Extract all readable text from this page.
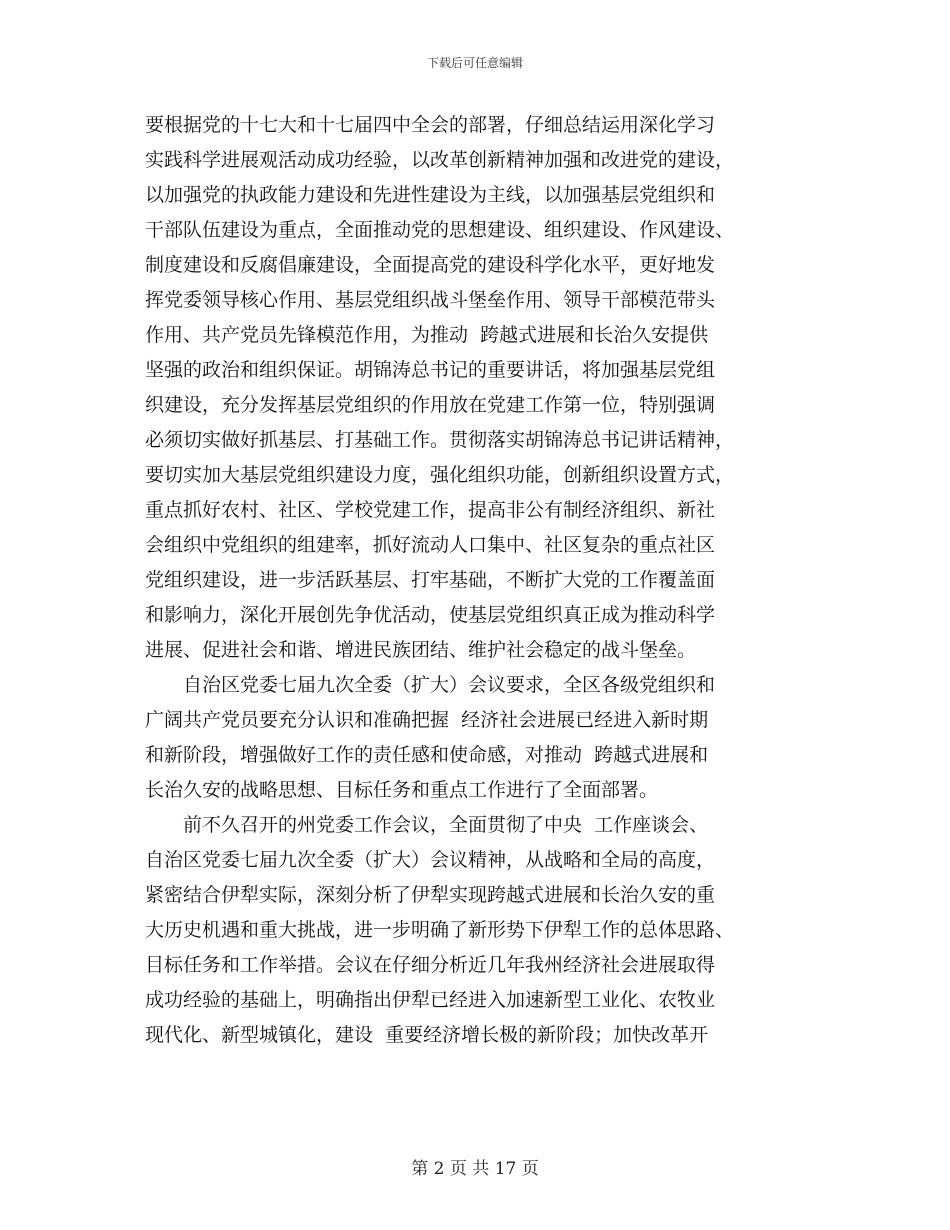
下载后可任意编辑
要根据党的十七大和十七届四中全会的部署，仔细总结运用深化学习
实践科学进展观活动成功经验，以改革创新精神加强和改进党的建设，
以加强党的执政能力建设和先进性建设为主线，以加强基层党组织和
干部队伍建设为重点，全面推动党的思想建设、组织建设、作风建设、
制度建设和反腐倡廉建设，全面提高党的建设科学化水平，更好地发
挥党委领导核心作用、基层党组织战斗堡垒作用、领导干部模范带头
作用、共产党员先锋模范作用，为推动  跨越式进展和长治久安提供
坚强的政治和组织保证。胡锦涛总书记的重要讲话，将加强基层党组
织建设，充分发挥基层党组织的作用放在党建工作第一位，特别强调
必须切实做好抓基层、打基础工作。贯彻落实胡锦涛总书记讲话精神，
要切实加大基层党组织建设力度，强化组织功能，创新组织设置方式，
重点抓好农村、社区、学校党建工作，提高非公有制经济组织、新社
会组织中党组织的组建率，抓好流动人口集中、社区复杂的重点社区
党组织建设，进一步活跃基层、打牢基础，不断扩大党的工作覆盖面
和影响力，深化开展创先争优活动，使基层党组织真正成为推动科学
进展、促进社会和谐、增进民族团结、维护社会稳定的战斗堡垒。
　　自治区党委七届九次全委（扩大）会议要求，全区各级党组织和
广阔共产党员要充分认识和准确把握  经济社会进展已经进入新时期
和新阶段，增强做好工作的责任感和使命感，对推动  跨越式进展和
长治久安的战略思想、目标任务和重点工作进行了全面部署。
　　前不久召开的州党委工作会议，全面贯彻了中央  工作座谈会、
自治区党委七届九次全委（扩大）会议精神，从战略和全局的高度，
紧密结合伊犁实际，深刻分析了伊犁实现跨越式进展和长治久安的重
大历史机遇和重大挑战，进一步明确了新形势下伊犁工作的总体思路、
目标任务和工作举措。会议在仔细分析近几年我州经济社会进展取得
成功经验的基础上，明确指出伊犁已经进入加速新型工业化、农牧业
现代化、新型城镇化，建设  重要经济增长极的新阶段；加快改革开
第 2 页 共 17 页
